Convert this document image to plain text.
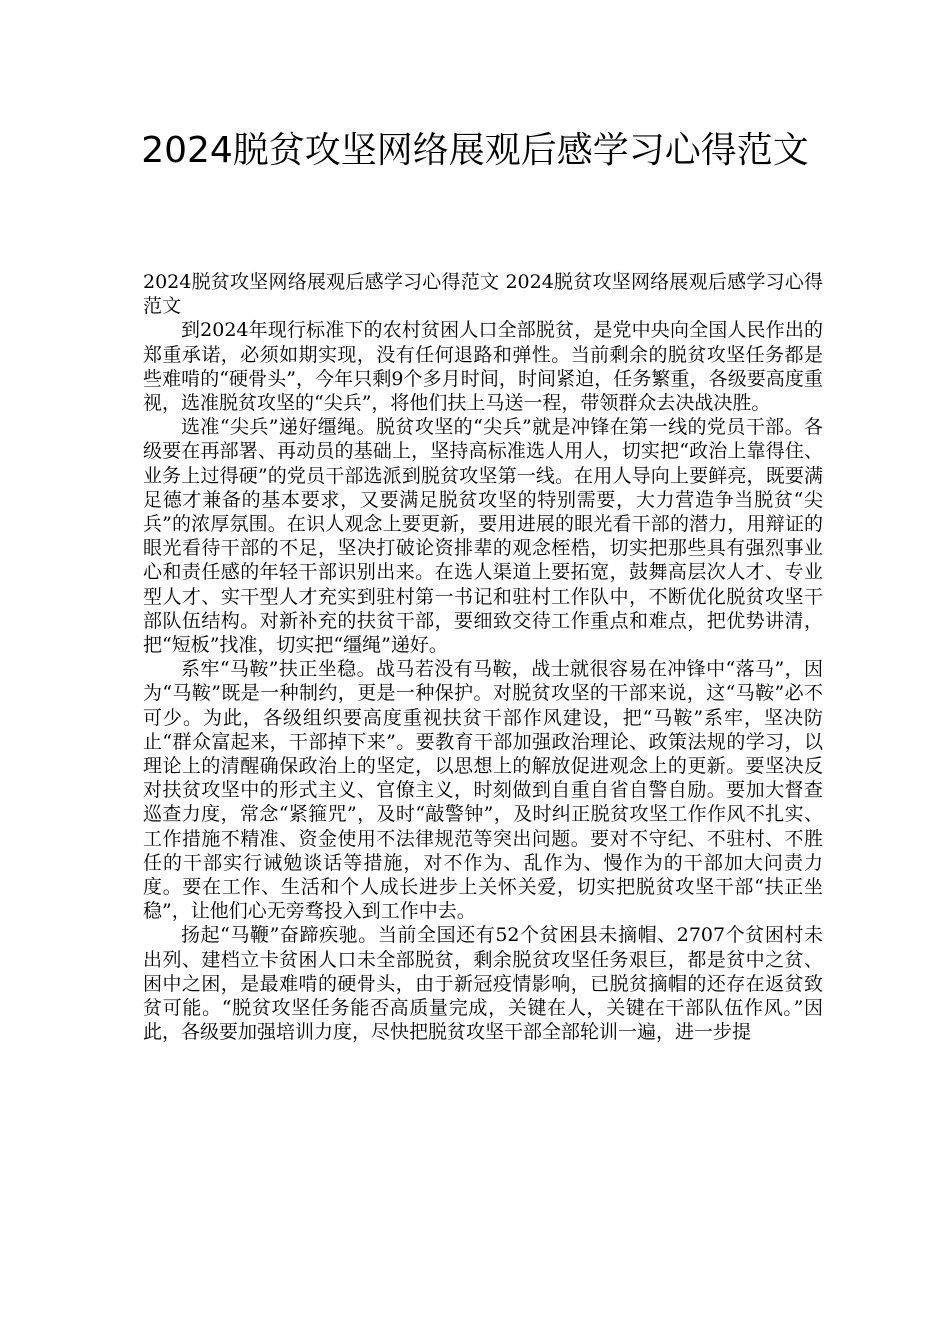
2024脱贫攻坚网络展观后感学习心得范文

2024脱贫攻坚网络展观后感学习心得范文 2024脱贫攻坚网络展观后感学习心得范文

到2024年现行标准下的农村贫困人口全部脱贫，是党中央向全国人民作出的郑重承诺，必须如期实现，没有任何退路和弹性。当前剩余的脱贫攻坚任务都是些难啃的“硬骨头”，今年只剩9个多月时间，时间紧迫，任务繁重，各级要高度重视，选准脱贫攻坚的“尖兵”，将他们扶上马送一程，带领群众去决战决胜。

选准“尖兵”递好缰绳。脱贫攻坚的“尖兵”就是冲锋在第一线的党员干部。各级要在再部署、再动员的基础上，坚持高标准选人用人，切实把“政治上靠得住、业务上过得硬”的党员干部选派到脱贫攻坚第一线。在用人导向上要鲜亮，既要满足德才兼备的基本要求，又要满足脱贫攻坚的特别需要，大力营造争当脱贫“尖兵”的浓厚氛围。在识人观念上要更新，要用进展的眼光看干部的潜力，用辩证的眼光看待干部的不足，坚决打破论资排辈的观念桎梏，切实把那些具有强烈事业心和责任感的年轻干部识别出来。在选人渠道上要拓宽，鼓舞高层次人才、专业型人才、实干型人才充实到驻村第一书记和驻村工作队中，不断优化脱贫攻坚干部队伍结构。对新补充的扶贫干部，要细致交待工作重点和难点，把优势讲清，把“短板”找准，切实把“缰绳”递好。

系牢“马鞍”扶正坐稳。战马若没有马鞍，战士就很容易在冲锋中“落马”，因为“马鞍”既是一种制约，更是一种保护。对脱贫攻坚的干部来说，这“马鞍”必不可少。为此，各级组织要高度重视扶贫干部作风建设，把“马鞍”系牢，坚决防止“群众富起来，干部掉下来”。要教育干部加强政治理论、政策法规的学习，以理论上的清醒确保政治上的坚定，以思想上的解放促进观念上的更新。要坚决反对扶贫攻坚中的形式主义、官僚主义，时刻做到自重自省自警自励。要加大督查巡查力度，常念“紧箍咒”，及时“敲警钟”，及时纠正脱贫攻坚工作作风不扎实、工作措施不精准、资金使用不法律规范等突出问题。要对不守纪、不驻村、不胜任的干部实行诫勉谈话等措施，对不作为、乱作为、慢作为的干部加大问责力度。要在工作、生活和个人成长进步上关怀关爱，切实把脱贫攻坚干部“扶正坐稳”，让他们心无旁骛投入到工作中去。

扬起“马鞭”奋蹄疾驰。当前全国还有52个贫困县未摘帽、2707个贫困村未出列、建档立卡贫困人口未全部脱贫，剩余脱贫攻坚任务艰巨，都是贫中之贫、困中之困，是最难啃的硬骨头，由于新冠疫情影响，已脱贫摘帽的还存在返贫致贫可能。“脱贫攻坚任务能否高质量完成，关键在人，关键在干部队伍作风。”因此，各级要加强培训力度，尽快把脱贫攻坚干部全部轮训一遍，进一步提
